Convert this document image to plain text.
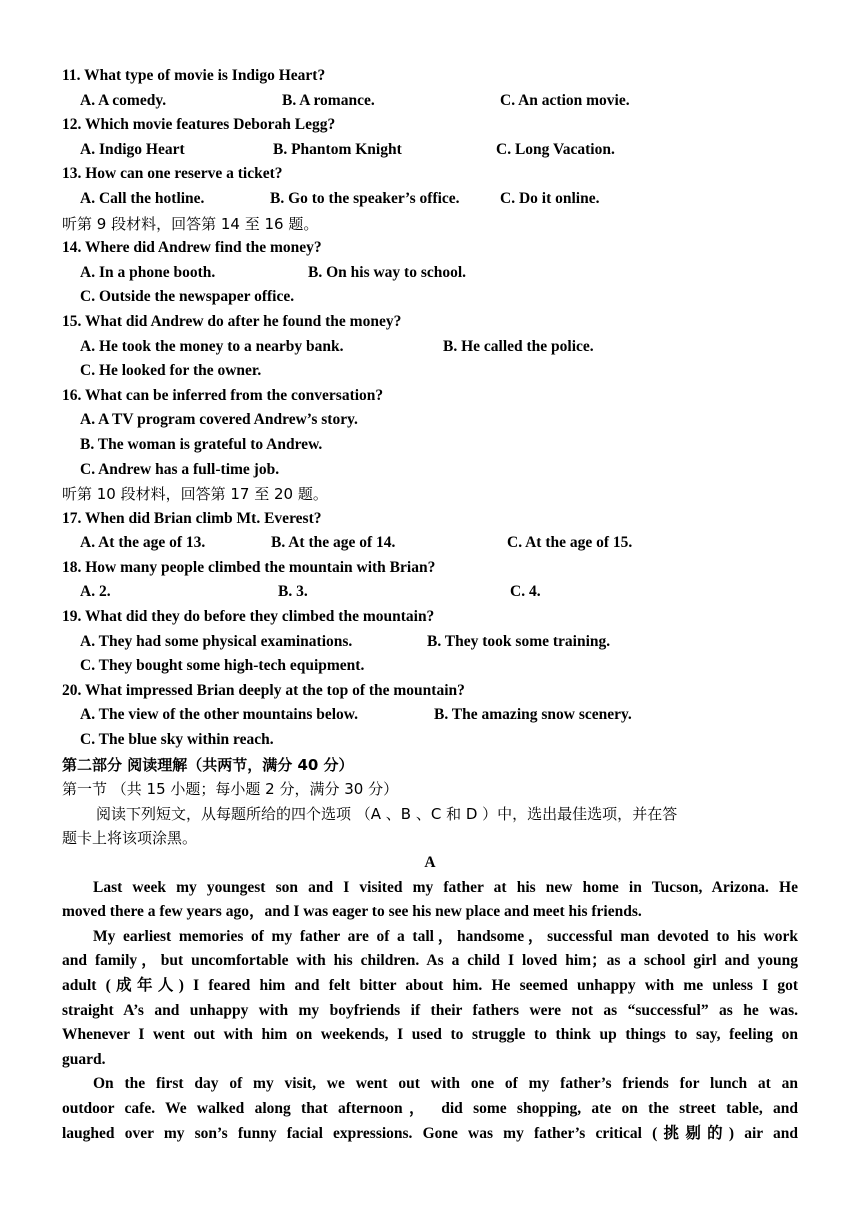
11. What type of movie is Indigo Heart?
A. A comedy.	B. A romance.	C. An action movie.
12. Which movie features Deborah Legg?
A. Indigo Heart	B. Phantom Knight	C. Long Vacation.
13. How can one reserve a ticket?
A. Call the hotline.	B. Go to the speaker’s office.	C. Do it online.
听第 9 段材料，回答第 14 至 16 题。
14. Where did Andrew find the money?
A. In a phone booth.	B. On his way to school.
C. Outside the newspaper office.
15. What did Andrew do after he found the money?
A. He took the money to a nearby bank.	B. He called the police.
C. He looked for the owner.
16. What can be inferred from the conversation?
A. A TV program covered Andrew’s story.
B. The woman is grateful to Andrew.
C. Andrew has a full-time job.
听第 10 段材料，回答第 17 至 20 题。
17. When did Brian climb Mt. Everest?
A. At the age of 13.	B. At the age of 14.	C. At the age of 15.
18. How many people climbed the mountain with Brian?
A. 2.	B. 3.	C. 4.
19. What did they do before they climbed the mountain?
A. They had some physical examinations.	B. They took some training.
C. They bought some high-tech equipment.
20. What impressed Brian deeply at the top of the mountain?
A. The view of the other mountains below.	B. The amazing snow scenery.
C. The blue sky within reach.
第二部分 阅读理解（共两节，满分 40 分）
第一节 （共 15 小题；每小题 2 分，满分 30 分）

阅读下列短文，从每题所给的四个选项 （A 、B 、C 和 D ）中，选出最佳选项，并在答

题卡上将该项涂黑。

A

Last week my youngest son and I visited my father at his new home in Tucson, Arizona. He

moved there a few years ago，and I was eager to see his new place and meet his friends.

My earliest memories of my father are of a tall，handsome，successful man devoted to his work

and family，but uncomfortable with his children. As a child I loved him；as a school girl and young

adult (成年人) I feared him and felt bitter about him. He seemed unhappy with me unless I got

straight A’s and unhappy with my boyfriends if their fathers were not as “successful” as he was.

Whenever I went out with him on weekends, I used to struggle to think up things to say, feeling on

guard.

On the first day of my visit, we went out with one of my father’s friends for lunch at an

outdoor cafe. We walked along that afternoon， did some shopping, ate on the street table, and

laughed over my son’s funny facial expressions. Gone was my father’s critical (挑剔的) air and
